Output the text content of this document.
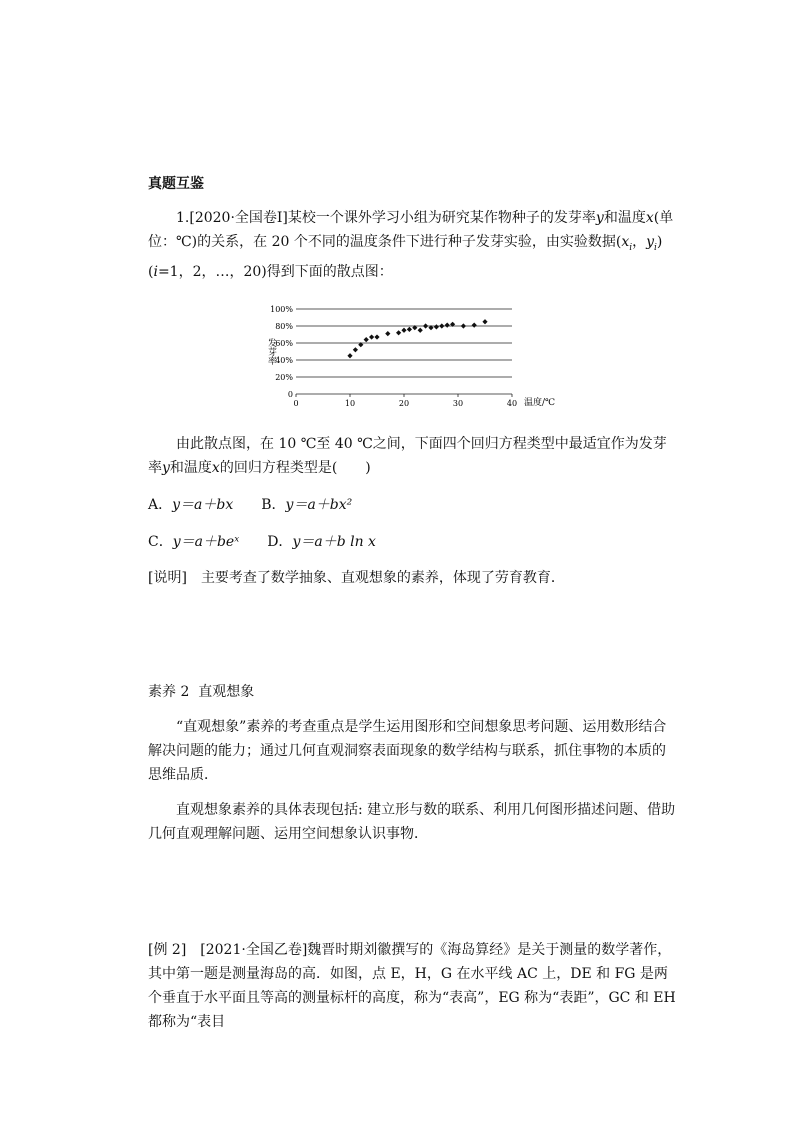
真题互鉴

1.[2020·全国卷Ⅰ]某校一个课外学习小组为研究某作物种子的发芽率y和温度x(单位：℃)的关系，在 20 个不同的温度条件下进行种子发芽实验，由实验数据($x_i$，$y_i)(i=1$，2，…，20)得到下面的散点图：

0
20%
40%
60%
80%
100%
0	10	20	30	40
发芽率
温度/℃

由此散点图，在 10 ℃至 40 ℃之间，下面四个回归方程类型中最适宜作为发芽率y和温度x的回归方程类型是(　　)

A．y＝a＋bx　　 B．y＝a＋bx²
C．y＝a＋beˣ　　 D．y＝a＋b ln x
[说明]　 主要考查了数学抽象、直观想象的素养，体现了劳育教育．
素养 2  直观想象

“直观想象”素养的考查重点是学生运用图形和空间想象思考问题、运用数形结合解决问题的能力；通过几何直观洞察表面现象的数学结构与联系，抓住事物的本质的思维品质．

直观想象素养的具体表现包括: 建立形与数的联系、利用几何图形描述问题、借助几何直观理解问题、运用空间想象认识事物．

[例 2]　 [2021·全国乙卷]魏晋时期刘徽撰写的《海岛算经》是关于测量的数学著作，其中第一题是测量海岛的高．如图，点 E，H，G 在水平线 AC 上，DE 和 FG 是两个垂直于水平面且等高的测量标杆的高度，称为“表高”，EG 称为“表距”，GC 和 EH 都称为“表目
